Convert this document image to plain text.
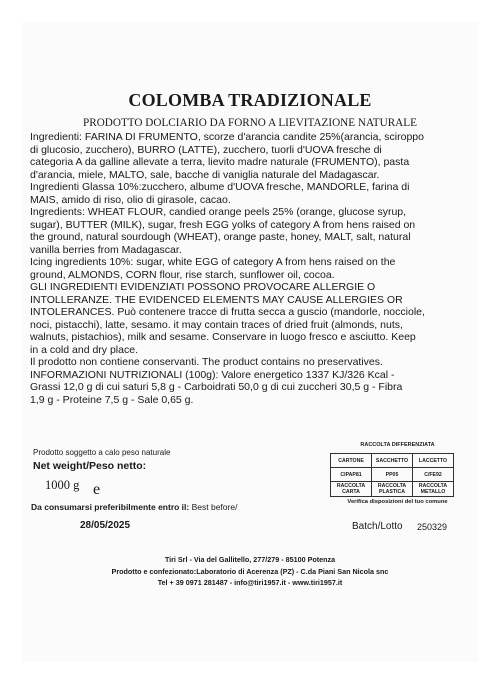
COLOMBA TRADIZIONALE
PRODOTTO DOLCIARIO DA FORNO A LIEVITAZIONE NATURALE
Ingredienti: FARINA DI FRUMENTO, scorze d'arancia candite 25%(arancia, sciroppo
di glucosio, zucchero), BURRO (LATTE), zucchero, tuorli d'UOVA fresche di
categoria A da galline allevate a terra, lievito madre naturale (FRUMENTO), pasta
d'arancia, miele, MALTO, sale, bacche di vaniglia naturale del Madagascar.
Ingredienti Glassa 10%:zucchero, albume d'UOVA fresche, MANDORLE, farina di
MAIS, amido di riso, olio di girasole, cacao.
Ingredients: WHEAT FLOUR, candied orange peels 25% (orange, glucose syrup,
sugar), BUTTER (MILK), sugar, fresh EGG yolks of category A from hens raised on
the ground, natural sourdough (WHEAT), orange paste, honey, MALT, salt, natural
vanilla berries from Madagascar.
Icing ingredients 10%: sugar, white EGG of category A from hens raised on the
ground, ALMONDS, CORN flour, rise starch, sunflower oil, cocoa.
GLI INGREDIENTI EVIDENZIATI POSSONO PROVOCARE ALLERGIE O
INTOLLERANZE. THE EVIDENCED ELEMENTS MAY CAUSE ALLERGIES OR
INTOLERANCES. Può contenere tracce di frutta secca a guscio (mandorle, nocciole,
noci, pistacchi), latte, sesamo. it may contain traces of dried fruit (almonds, nuts,
walnuts, pistachios), milk and sesame. Conservare in luogo fresco e asciutto. Keep
in a cold and dry place.
Il prodotto non contiene conservanti. The product contains no preservatives.
INFORMAZIONI NUTRIZIONALI (100g): Valore energetico 1337 KJ/326 Kcal -
Grassi 12,0 g di cui saturi 5,8 g - Carboidrati 50,0 g di cui zuccheri 30,5 g - Fibra
1,9 g - Proteine 7,5 g - Sale 0,65 g.
Prodotto soggetto a calo peso naturale
Net weight/Peso netto:
1000 g e
Da consumarsi preferibilmente entro il: Best before/
28/05/2025	Batch/Lotto 250329
RACCOLTA DIFFERENZIATA
CARTONE	SACCHETTO	LACCETTO
CIPAP81	PP05	C/FE92
RACCOLTA CARTA	RACCOLTA PLASTICA	RACCOLTA METALLO
Verifica disposizioni del tuo comune
Tiri Srl - Via del Gallitello, 277/279 - 85100 Potenza
Prodotto e confezionato:Laboratorio di Acerenza (PZ) - C.da Piani San Nicola snc
Tel + 39 0971 281487 - info@tiri1957.it - www.tiri1957.it
